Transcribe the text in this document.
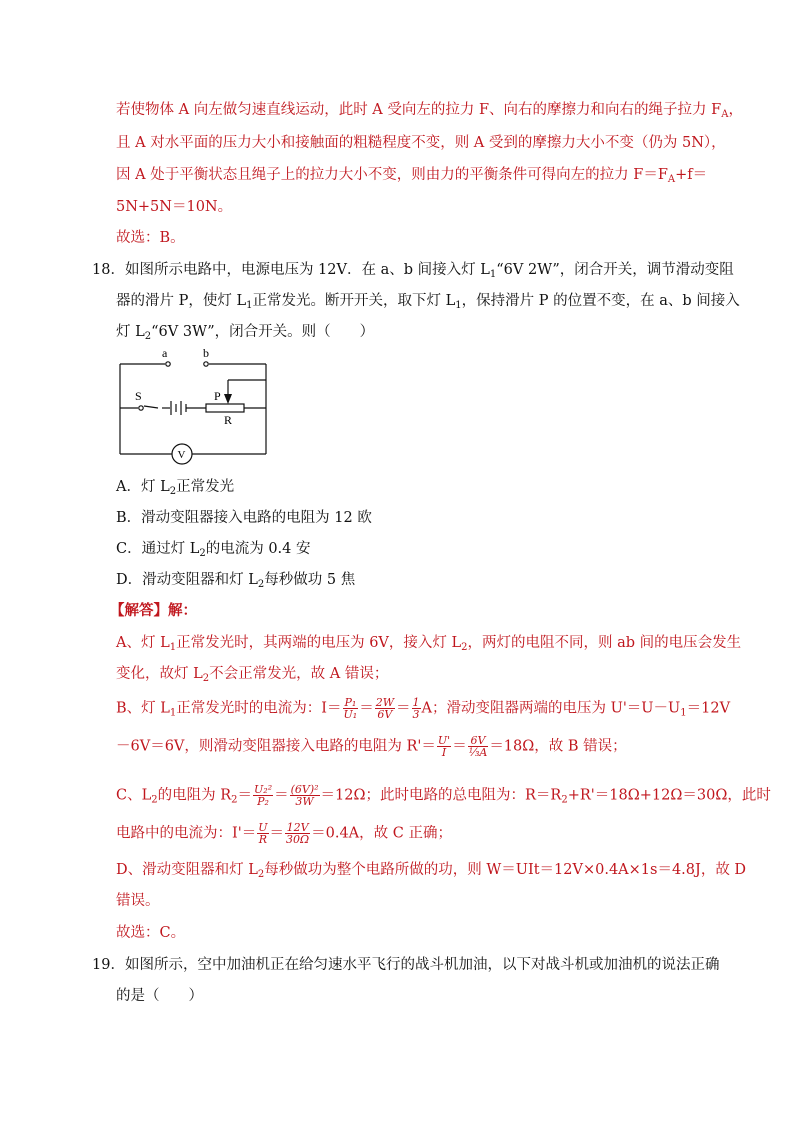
若使物体 A 向左做匀速直线运动，此时 A 受向左的拉力 F、向右的摩擦力和向右的绳子拉力 $F_A$，
且 A 对水平面的压力大小和接触面的粗糙程度不变，则 A 受到的摩擦力大小不变（仍为 5N），
因 A 处于平衡状态且绳子上的拉力大小不变，则由力的平衡条件可得向左的拉力 $F=F_A+f=$
5N+5N＝10N。
故选：B。
18．如图所示电路中，电源电压为 12V．在 a、b 间接入灯 $L_1“6V$ 2W”，闭合开关，调节滑动变阻
器的滑片 P，使灯 $L_1$正常发光。断开开关，取下灯 $L_1$，保持滑片 P 的位置不变，在 a、b 间接入
灯 $L_2“6V$ 3W”，闭合开关。则（　　）
a	b
S	P
R
V
A．灯 $L_2$正常发光
B．滑动变阻器接入电路的电阻为 12 欧
C．通过灯 $L_2$的电流为 0.4 安
D．滑动变阻器和灯 $L_2$每秒做功 5 焦
【解答】解：
A、灯 $L_1$正常发光时，其两端的电压为 6V，接入灯 $L_2$，两灯的电阻不同，则 ab 间的电压会发生
变化，故灯 $L_2$不会正常发光，故 A 错误；
B、灯 $L_1$正常发光时的电流为：$I= \frac{\text{P₁}}{\text{U₁}} = \frac{2W}{6V} = \frac{1}{3}$ A；滑动变阻器两端的电压为 $U'=U-U_1=12V$
－6V＝6V，则滑动变阻器接入电路的电阻为 $R'= \frac{U'}{I} = \frac{6V}{\text{⅓A}} =18\Omega$，故 B 错误；
C、$L_2$的电阻为 $R_2= \frac{\text{U₂²}}{\text{P₂}} = \frac{\text{(6V)²}}{3W} =12\Omega$；此时电路的总电阻为：$R=R_2+R'=18\Omega+12\Omega=30\Omega$，此时
电路中的电流为：$I'= \frac{U}{R} = \frac{12V}{30\Omega} =0.4A$，故 C 正确；
D、滑动变阻器和灯 $L_2$每秒做功为整个电路所做的功，则 W＝UIt＝12V×0.4A×1s＝4.8J，故 D
错误。
故选：C。
19．如图所示，空中加油机正在给匀速水平飞行的战斗机加油，以下对战斗机或加油机的说法正确
的是（　　）
